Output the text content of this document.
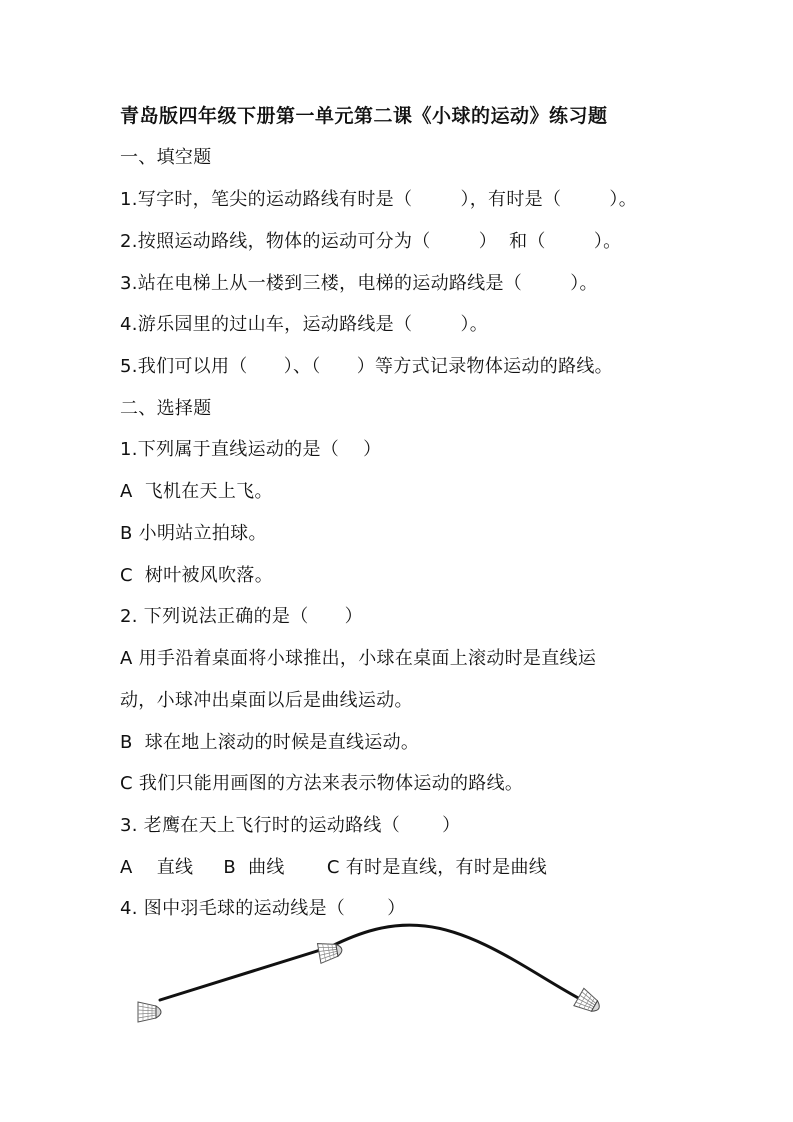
青岛版四年级下册第一单元第二课《小球的运动》练习题
一、填空题
1.写字时，笔尖的运动路线有时是（        ），有时是（        ）。
2.按照运动路线，物体的运动可分为（        ）  和（        ）。
3.站在电梯上从一楼到三楼，电梯的运动路线是（        ）。
4.游乐园里的过山车，运动路线是（        ）。
5.我们可以用（      ）、（      ）等方式记录物体运动的路线。
二、选择题
1.下列属于直线运动的是（    ）
A  飞机在天上飞。
B 小明站立拍球。
C  树叶被风吹落。
2. 下列说法正确的是（      ）
A 用手沿着桌面将小球推出，小球在桌面上滚动时是直线运
动，小球冲出桌面以后是曲线运动。
B  球在地上滚动的时候是直线运动。
C 我们只能用画图的方法来表示物体运动的路线。
3. 老鹰在天上飞行时的运动路线（       ）
A    直线     B  曲线       C 有时是直线，有时是曲线
4. 图中羽毛球的运动线是（       ）
